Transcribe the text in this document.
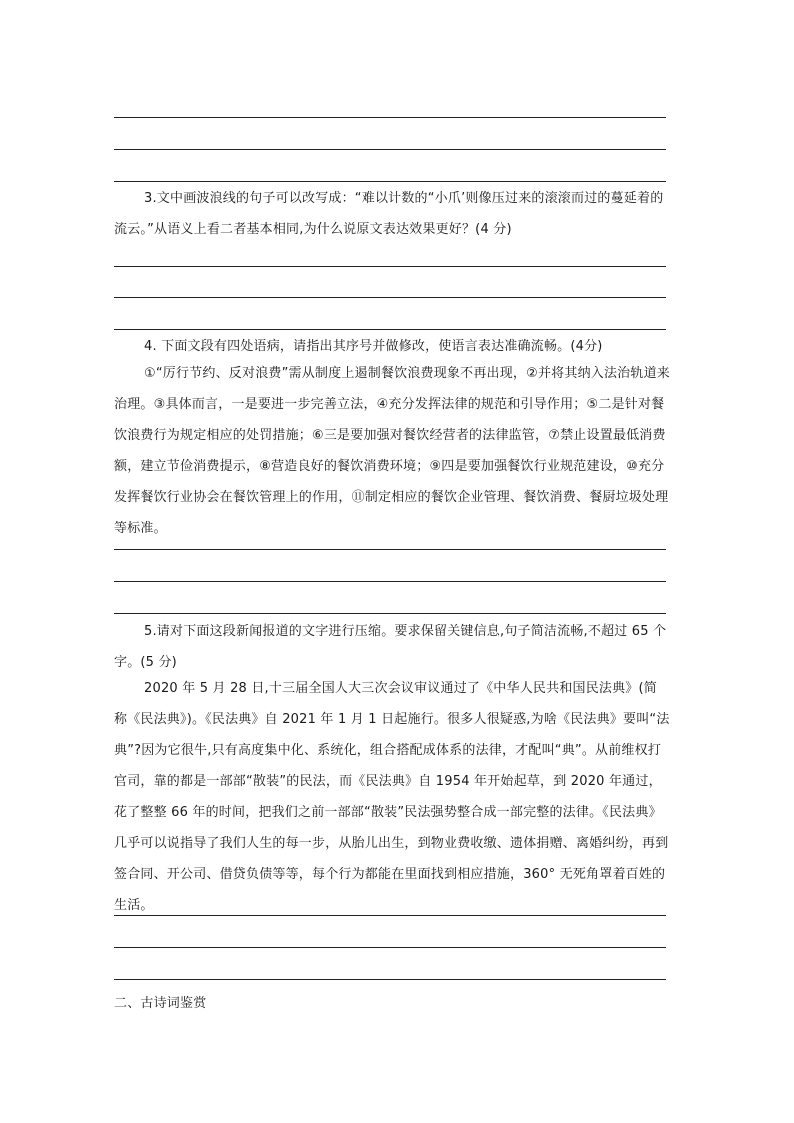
3.文中画波浪线的句子可以改写成：“难以计数的“小爪’则像压过来的滚滚而过的蔓延着的流云。”从语义上看二者基本相同,为什么说原文表达效果更好？(4 分)

4. 下面文段有四处语病，请指出其序号并做修改，使语言表达准确流畅。(4分)

①“厉行节约、反对浪费”需从制度上遏制餐饮浪费现象不再出现，②并将其纳入法治轨道来治理。③具体而言，一是要进一步完善立法，④充分发挥法律的规范和引导作用；⑤二是针对餐饮浪费行为规定相应的处罚措施；⑥三是要加强对餐饮经营者的法律监管，⑦禁止设置最低消费额，建立节俭消费提示，⑧营造良好的餐饮消费环境；⑨四是要加强餐饮行业规范建设，⑩充分发挥餐饮行业协会在餐饮管理上的作用，⑪制定相应的餐饮企业管理、餐饮消费、餐厨垃圾处理等标准。

5.请对下面这段新闻报道的文字进行压缩。要求保留关键信息,句子简洁流畅,不超过 65 个字。(5 分)

2020 年 5 月 28 日,十三届全国人大三次会议审议通过了《中华人民共和国民法典》(简称《民法典》)。《民法典》自 2021 年 1 月 1 日起施行。很多人很疑惑,为啥《民法典》要叫“法典”?因为它很牛,只有高度集中化、系统化，组合搭配成体系的法律，才配叫“典”。从前维权打官司，靠的都是一部部“散装”的民法，而《民法典》自 1954 年开始起草，到 2020 年通过，花了整整 66 年的时间，把我们之前一部部“散装”民法强势整合成一部完整的法律。《民法典》几乎可以说指导了我们人生的每一步，从胎儿出生，到物业费收缴、遗体捐赠、离婚纠纷，再到签合同、开公司、借贷负债等等，每个行为都能在里面找到相应措施，360° 无死角罩着百姓的生活。

二、古诗词鉴赏
